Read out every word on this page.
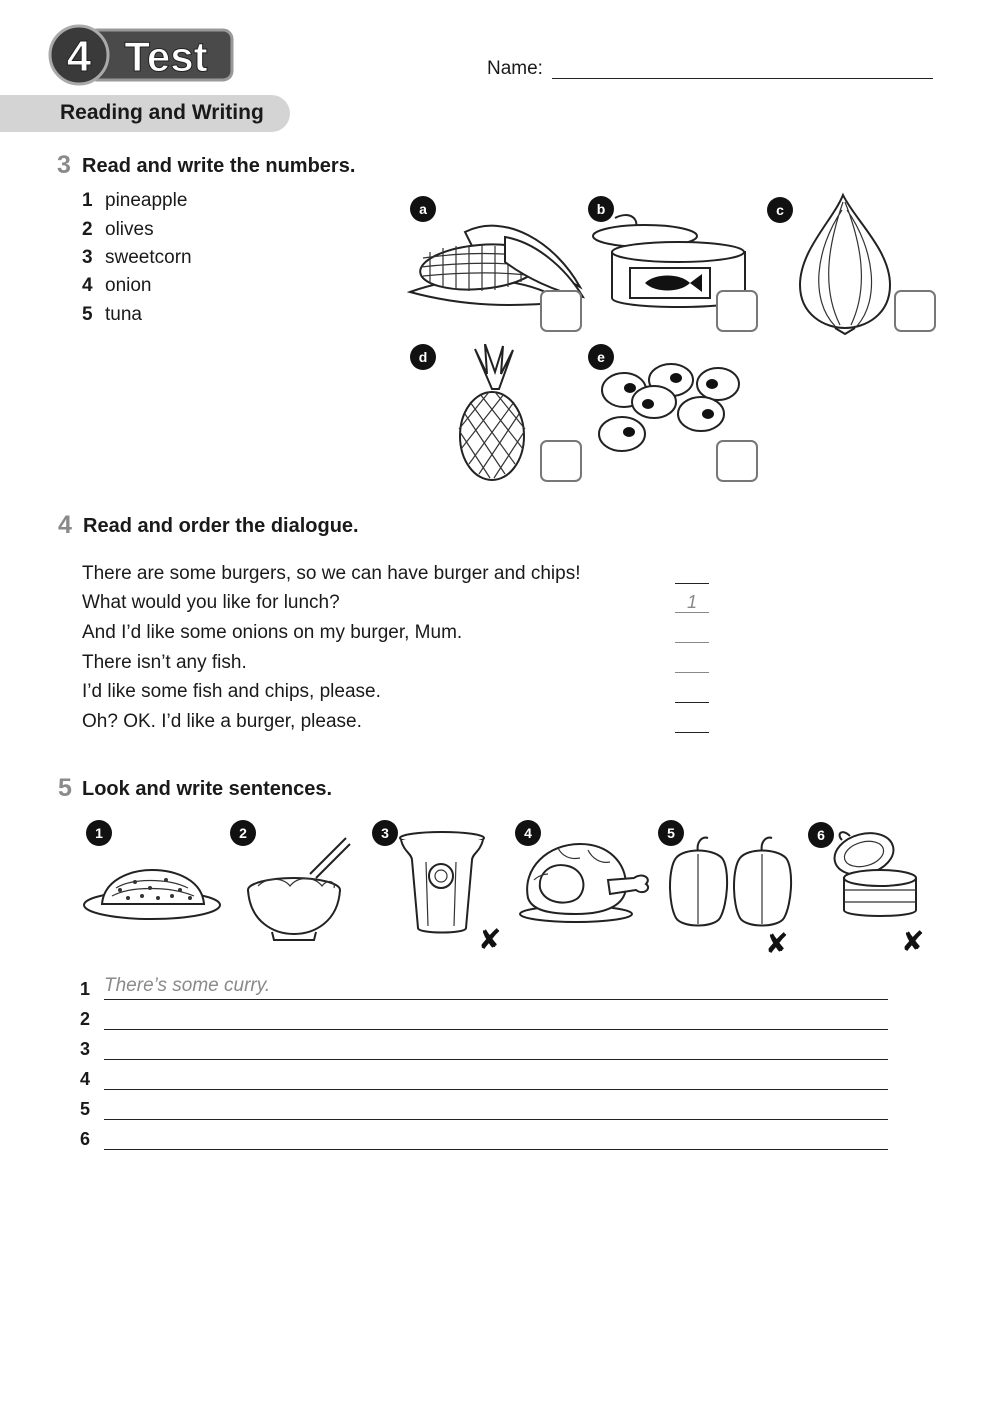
4 Test	Name:
Reading and Writing
3 Read and write the numbers.
1 pineapple
2 olives
3 sweetcorn
4 onion
5 tuna
a	b	c
d	e
4 Read and order the dialogue.
There are some burgers, so we can have burger and chips!
What would you like for lunch?	1
And I’d like some onions on my burger, Mum.
There isn’t any fish.
I’d like some fish and chips, please.
Oh? OK. I’d like a burger, please.
5 Look and write sentences.
1	2	3
✘
4	5
✘
6
✘
1 There’s some curry.
2
3
4
5
6
